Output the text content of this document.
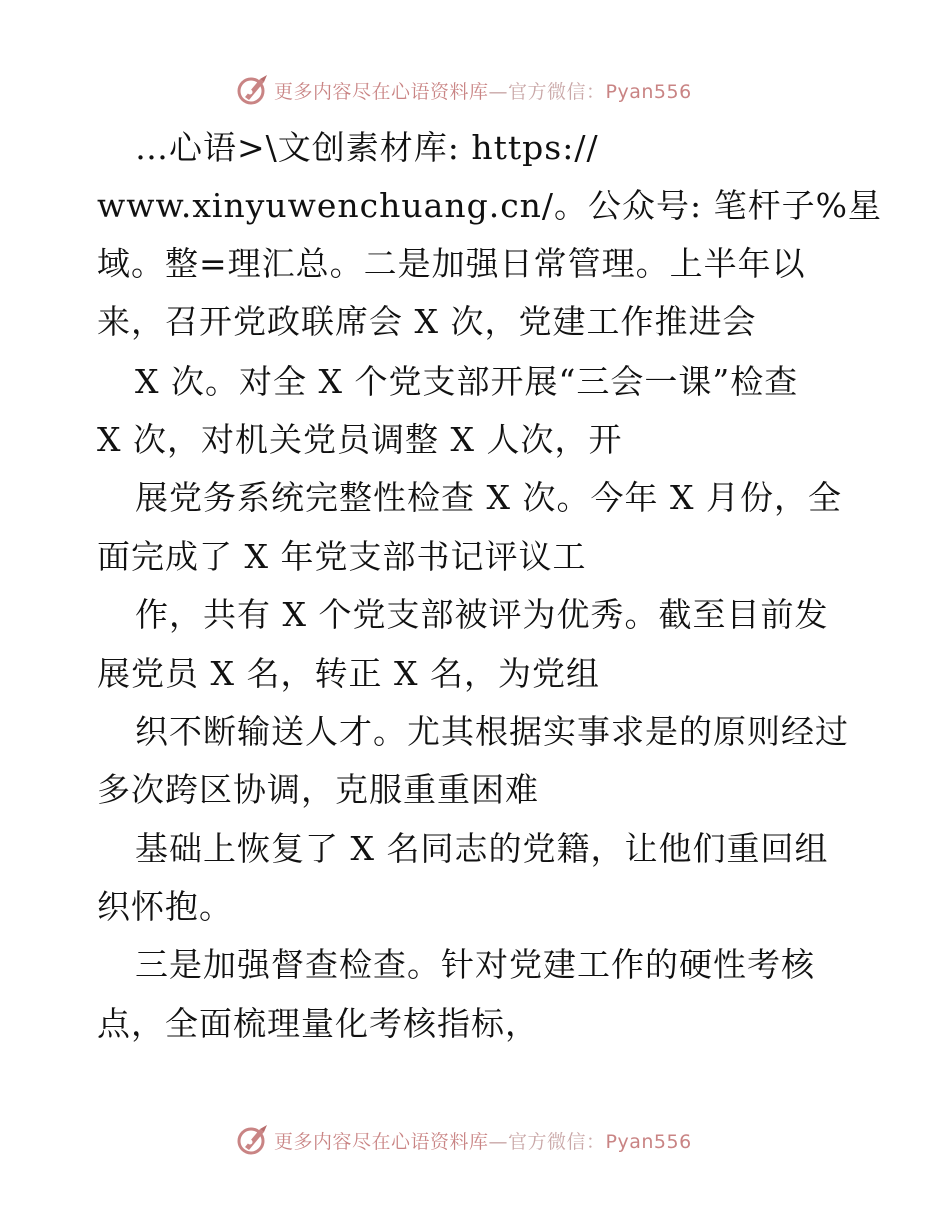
更多内容尽在心语资料库—官方微信：Pyan556
…心语>\文创素材库: https://
www.xinyuwenchuang.cn/。公众号: 笔杆子%星
域。整=理汇总。二是加强日常管理。上半年以
来，召开党政联席会 X 次，党建工作推进会
X 次。对全 X 个党支部开展“三会一课”检查
X 次，对机关党员调整 X 人次，开
展党务系统完整性检查 X 次。今年 X 月份，全
面完成了 X 年党支部书记评议工
作，共有 X 个党支部被评为优秀。截至目前发
展党员 X 名，转正 X 名，为党组
织不断输送人才。尤其根据实事求是的原则经过
多次跨区协调，克服重重困难
基础上恢复了 X 名同志的党籍，让他们重回组
织怀抱。
三是加强督查检查。针对党建工作的硬性考核
点，全面梳理量化考核指标，
更多内容尽在心语资料库—官方微信：Pyan556
